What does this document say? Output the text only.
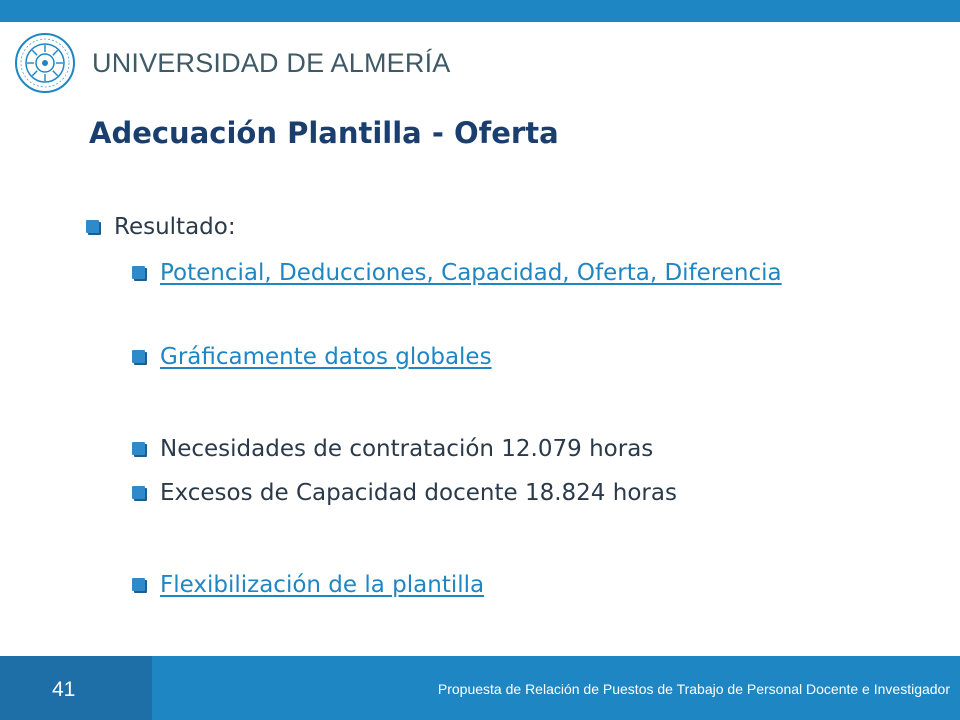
UNIVERSIDAD DE ALMERÍA
Adecuación Plantilla - Oferta
Resultado:
Potencial, Deducciones, Capacidad, Oferta, Diferencia
Gráficamente datos globales
Necesidades de contratación 12.079 horas
Excesos de Capacidad docente 18.824 horas
Flexibilización de la plantilla
41	Propuesta de Relación de Puestos de Trabajo de Personal Docente e Investigador
